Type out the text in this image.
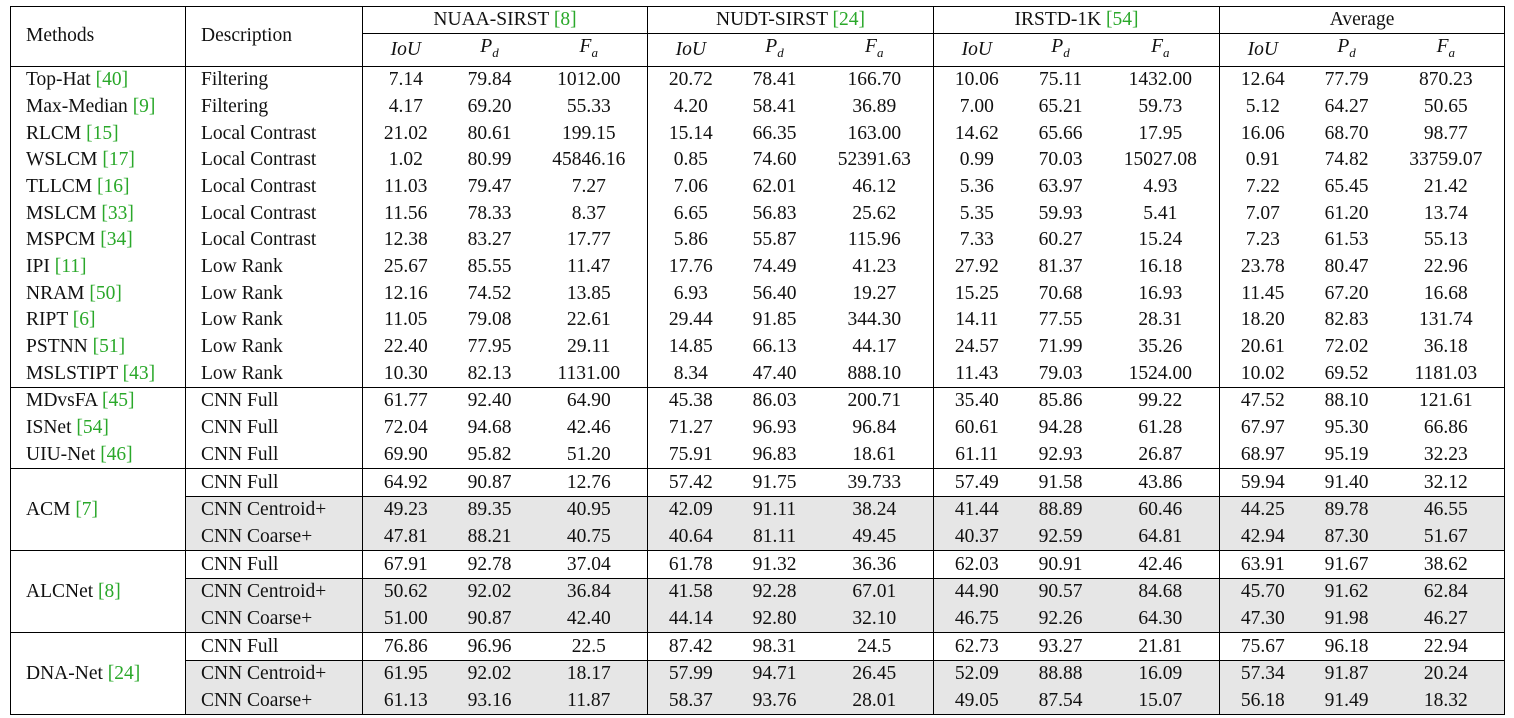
Methods	Description	NUAA-SIRST [8]			NUDT-SIRST [24]			IRSTD-1K [54]			Average		
		IoU	$P_d$	$F_a$	IoU	$P_d$	$F_a$	IoU	$P_d$	$F_a$	IoU	$P_d$	$F_a$
Top-Hat [40]	Filtering	7.14	79.84	1012.00	20.72	78.41	166.70	10.06	75.11	1432.00	12.64	77.79	870.23
Max-Median [9]	Filtering	4.17	69.20	55.33	4.20	58.41	36.89	7.00	65.21	59.73	5.12	64.27	50.65
RLCM [15]	Local Contrast	21.02	80.61	199.15	15.14	66.35	163.00	14.62	65.66	17.95	16.06	68.70	98.77
WSLCM [17]	Local Contrast	1.02	80.99	45846.16	0.85	74.60	52391.63	0.99	70.03	15027.08	0.91	74.82	33759.07
TLLCM [16]	Local Contrast	11.03	79.47	7.27	7.06	62.01	46.12	5.36	63.97	4.93	7.22	65.45	21.42
MSLCM [33]	Local Contrast	11.56	78.33	8.37	6.65	56.83	25.62	5.35	59.93	5.41	7.07	61.20	13.74
MSPCM [34]	Local Contrast	12.38	83.27	17.77	5.86	55.87	115.96	7.33	60.27	15.24	7.23	61.53	55.13
IPI [11]	Low Rank	25.67	85.55	11.47	17.76	74.49	41.23	27.92	81.37	16.18	23.78	80.47	22.96
NRAM [50]	Low Rank	12.16	74.52	13.85	6.93	56.40	19.27	15.25	70.68	16.93	11.45	67.20	16.68
RIPT [6]	Low Rank	11.05	79.08	22.61	29.44	91.85	344.30	14.11	77.55	28.31	18.20	82.83	131.74
PSTNN [51]	Low Rank	22.40	77.95	29.11	14.85	66.13	44.17	24.57	71.99	35.26	20.61	72.02	36.18
MSLSTIPT [43]	Low Rank	10.30	82.13	1131.00	8.34	47.40	888.10	11.43	79.03	1524.00	10.02	69.52	1181.03
MDvsFA [45]	CNN Full	61.77	92.40	64.90	45.38	86.03	200.71	35.40	85.86	99.22	47.52	88.10	121.61
ISNet [54]	CNN Full	72.04	94.68	42.46	71.27	96.93	96.84	60.61	94.28	61.28	67.97	95.30	66.86
UIU-Net [46]	CNN Full	69.90	95.82	51.20	75.91	96.83	18.61	61.11	92.93	26.87	68.97	95.19	32.23
ACM [7]	CNN Full	64.92	90.87	12.76	57.42	91.75	39.733	57.49	91.58	43.86	59.94	91.40	32.12
	CNN Centroid+	49.23	89.35	40.95	42.09	91.11	38.24	41.44	88.89	60.46	44.25	89.78	46.55
	CNN Coarse+	47.81	88.21	40.75	40.64	81.11	49.45	40.37	92.59	64.81	42.94	87.30	51.67
ALCNet [8]	CNN Full	67.91	92.78	37.04	61.78	91.32	36.36	62.03	90.91	42.46	63.91	91.67	38.62
	CNN Centroid+	50.62	92.02	36.84	41.58	92.28	67.01	44.90	90.57	84.68	45.70	91.62	62.84
	CNN Coarse+	51.00	90.87	42.40	44.14	92.80	32.10	46.75	92.26	64.30	47.30	91.98	46.27
DNA-Net [24]	CNN Full	76.86	96.96	22.5	87.42	98.31	24.5	62.73	93.27	21.81	75.67	96.18	22.94
	CNN Centroid+	61.95	92.02	18.17	57.99	94.71	26.45	52.09	88.88	16.09	57.34	91.87	20.24
	CNN Coarse+	61.13	93.16	11.87	58.37	93.76	28.01	49.05	87.54	15.07	56.18	91.49	18.32
